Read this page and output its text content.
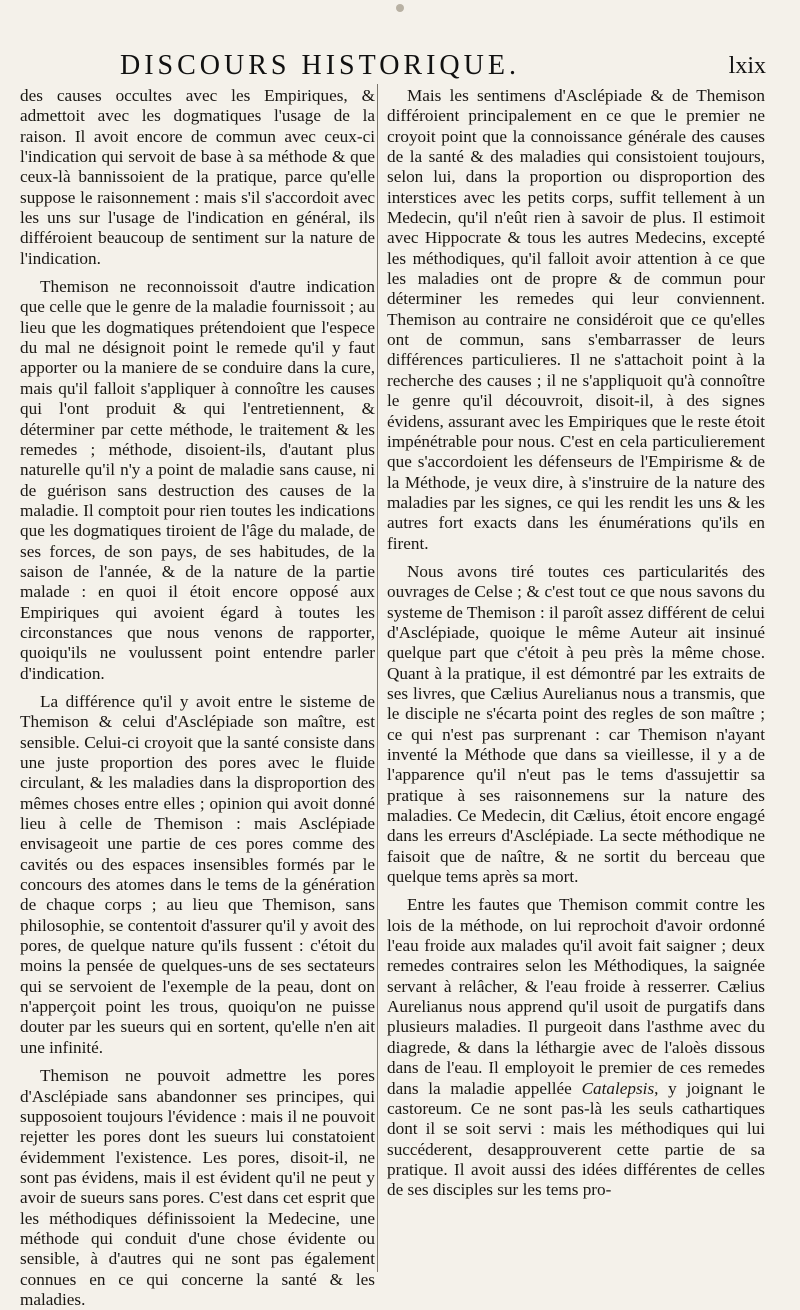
DISCOURS HISTORIQUE.	lxix

des causes occultes avec les Empiriques, & admettoit avec les dogmatiques l'usage de la raison. Il avoit encore de commun avec ceux-ci l'indication qui servoit de base à sa méthode & que ceux-là bannissoient de la pratique, parce qu'elle suppose le raisonnement : mais s'il s'accordoit avec les uns sur l'usage de l'indication en général, ils différoient beaucoup de sentiment sur la nature de l'indication.

Themison ne reconnoissoit d'autre indication que celle que le genre de la maladie fournissoit ; au lieu que les dogmatiques prétendoient que l'espece du mal ne désignoit point le remede qu'il y faut apporter ou la maniere de se conduire dans la cure, mais qu'il falloit s'appliquer à connoître les causes qui l'ont produit & qui l'entretiennent, & déterminer par cette méthode, le traitement & les remedes ; méthode, disoient-ils, d'autant plus naturelle qu'il n'y a point de maladie sans cause, ni de guérison sans destruction des causes de la maladie. Il comptoit pour rien toutes les indications que les dogmatiques tiroient de l'âge du malade, de ses forces, de son pays, de ses habitudes, de la saison de l'année, & de la nature de la partie malade : en quoi il étoit encore opposé aux Empiriques qui avoient égard à toutes les circonstances que nous venons de rapporter, quoiqu'ils ne voulussent point entendre parler d'indication.

La différence qu'il y avoit entre le sisteme de Themison & celui d'Asclépiade son maître, est sensible. Celui-ci croyoit que la santé consiste dans une juste proportion des pores avec le fluide circulant, & les maladies dans la disproportion des mêmes choses entre elles ; opinion qui avoit donné lieu à celle de Themison : mais Asclépiade envisageoit une partie de ces pores comme des cavités ou des espaces insensibles formés par le concours des atomes dans le tems de la génération de chaque corps ; au lieu que Themison, sans philosophie, se contentoit d'assurer qu'il y avoit des pores, de quelque nature qu'ils fussent : c'étoit du moins la pensée de quelques-uns de ses sectateurs qui se servoient de l'exemple de la peau, dont on n'apperçoit point les trous, quoiqu'on ne puisse douter par les sueurs qui en sortent, qu'elle n'en ait une infinité.

Themison ne pouvoit admettre les pores d'Asclépiade sans abandonner ses principes, qui supposoient toujours l'évidence : mais il ne pouvoit rejetter les pores dont les sueurs lui constatoient évidemment l'existence. Les pores, disoit-il, ne sont pas évidens, mais il est évident qu'il ne peut y avoir de sueurs sans pores. C'est dans cet esprit que les méthodiques définissoient la Medecine, une méthode qui conduit d'une chose évidente ou sensible, à d'autres qui ne sont pas également connues en ce qui concerne la santé & les maladies.

Mais les sentimens d'Asclépiade & de Themison différoient principalement en ce que le premier ne croyoit point que la connoissance générale des causes de la santé & des maladies qui consistoient toujours, selon lui, dans la proportion ou disproportion des interstices avec les petits corps, suffit tellement à un Medecin, qu'il n'eût rien à savoir de plus. Il estimoit avec Hippocrate & tous les autres Medecins, excepté les méthodiques, qu'il falloit avoir attention à ce que les maladies ont de propre & de commun pour déterminer les remedes qui leur conviennent. Themison au contraire ne considéroit que ce qu'elles ont de commun, sans s'embarrasser de leurs différences particulieres. Il ne s'attachoit point à la recherche des causes ; il ne s'appliquoit qu'à connoître le genre qu'il découvroit, disoit-il, à des signes évidens, assurant avec les Empiriques que le reste étoit impénétrable pour nous. C'est en cela particulierement que s'accordoient les défenseurs de l'Empirisme & de la Méthode, je veux dire, à s'instruire de la nature des maladies par les signes, ce qui les rendit les uns & les autres fort exacts dans les énumérations qu'ils en firent.

Nous avons tiré toutes ces particularités des ouvrages de Celse ; & c'est tout ce que nous savons du systeme de Themison : il paroît assez différent de celui d'Asclépiade, quoique le même Auteur ait insinué quelque part que c'étoit à peu près la même chose. Quant à la pratique, il est démontré par les extraits de ses livres, que Cælius Aurelianus nous a transmis, que le disciple ne s'écarta point des regles de son maître ; ce qui n'est pas surprenant : car Themison n'ayant inventé la Méthode que dans sa vieillesse, il y a de l'apparence qu'il n'eut pas le tems d'assujettir sa pratique à ses raisonnemens sur la nature des maladies. Ce Medecin, dit Cælius, étoit encore engagé dans les erreurs d'Asclépiade. La secte méthodique ne faisoit que de naître, & ne sortit du berceau que quelque tems après sa mort.

Entre les fautes que Themison commit contre les lois de la méthode, on lui reprochoit d'avoir ordonné l'eau froide aux malades qu'il avoit fait saigner ; deux remedes contraires selon les Méthodiques, la saignée servant à relâcher, & l'eau froide à resserrer. Cælius Aurelianus nous apprend qu'il usoit de purgatifs dans plusieurs maladies. Il purgeoit dans l'asthme avec du diagrede, & dans la léthargie avec de l'aloès dissous dans de l'eau. Il employoit le premier de ces remedes dans la maladie appellée Catalepsis, y joignant le castoreum. Ce ne sont pas-là les seuls cathartiques dont il se soit servi : mais les méthodiques qui lui succéderent, desapprouverent cette partie de sa pratique. Il avoit aussi des idées différentes de celles de ses disciples sur les tems pro-
